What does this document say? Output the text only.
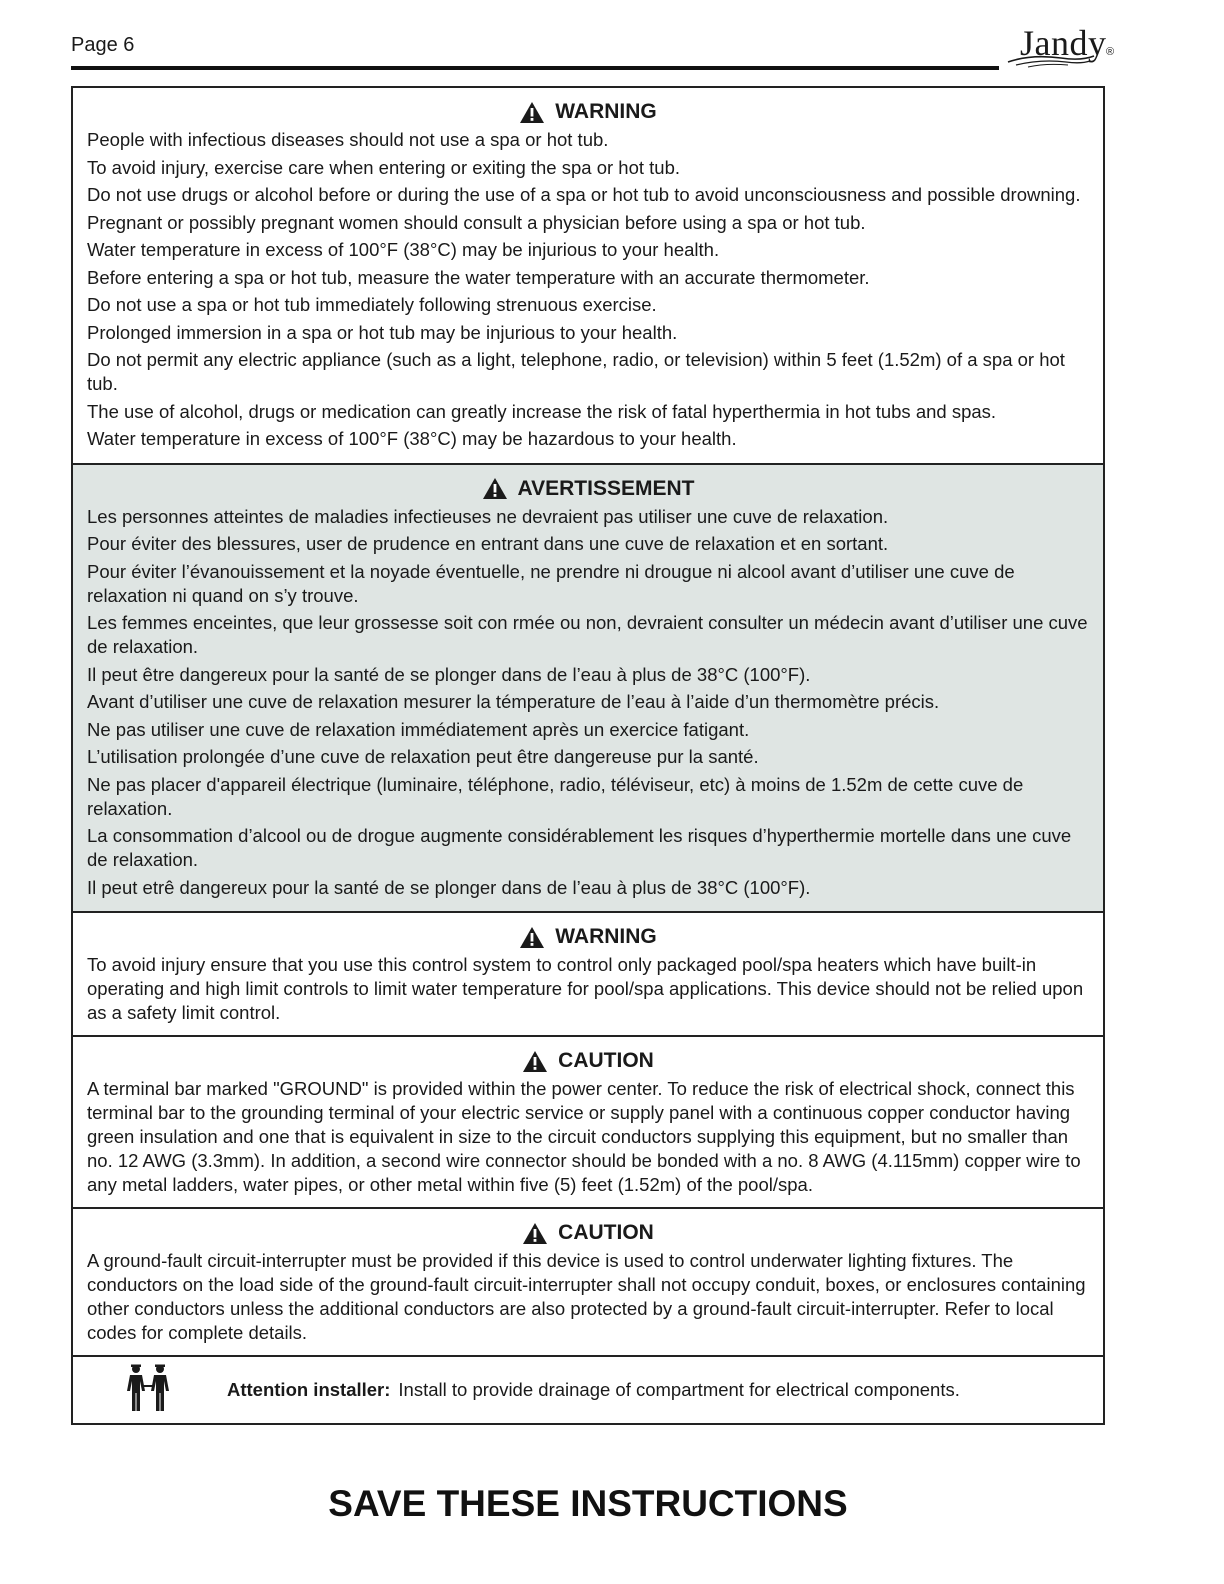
Page 6	Jandy ®
WARNING

People with infectious diseases should not use a spa or hot tub.

To avoid injury, exercise care when entering or exiting the spa or hot tub.

Do not use drugs or alcohol before or during the use of a spa or hot tub to avoid unconsciousness and possible drowning.

Pregnant or possibly pregnant women should consult a physician before using a spa or hot tub.

Water temperature in excess of 100°F (38°C) may be injurious to your health.

Before entering a spa or hot tub, measure the water temperature with an accurate thermometer.

Do not use a spa or hot tub immediately following strenuous exercise.

Prolonged immersion in a spa or hot tub may be injurious to your health.

Do not permit any electric appliance (such as a light, telephone, radio, or television) within 5 feet (1.52m) of a spa or hot tub.

The use of alcohol, drugs or medication can greatly increase the risk of fatal hyperthermia in hot tubs and spas.

Water temperature in excess of 100°F (38°C) may be hazardous to your health.

AVERTISSEMENT

Les personnes atteintes de maladies infectieuses ne devraient pas utiliser une cuve de relaxation.

Pour éviter des blessures, user de prudence en entrant dans une cuve de relaxation et en sortant.

Pour éviter l’évanouissement et la noyade éventuelle, ne prendre ni drougue ni alcool avant d’utiliser une cuve de relaxation ni quand on s’y trouve.

Les femmes enceintes, que leur grossesse soit con rmée ou non, devraient consulter un médecin avant d’utiliser une cuve de relaxation.

Il peut être dangereux pour la santé de se plonger dans de l’eau à plus de 38°C (100°F).

Avant d’utiliser une cuve de relaxation mesurer la témperature de l’eau à l’aide d’un thermomètre précis.

Ne pas utiliser une cuve de relaxation immédiatement après un exercice fatigant.

L’utilisation prolongée d’une cuve de relaxation peut être dangereuse pur la santé.

Ne pas placer d'appareil électrique (luminaire, téléphone, radio, téléviseur, etc) à moins de 1.52m de cette cuve de relaxation.

La consommation d’alcool ou de drogue augmente considérablement les risques d’hyperthermie mortelle dans une cuve de relaxation.

Il peut etrê dangereux pour la santé de se plonger dans de l’eau à plus de 38°C (100°F).

WARNING

To avoid injury ensure that you use this control system to control only packaged pool/spa heaters which have built-in operating and high limit controls to limit water temperature for pool/spa applications. This device should not be relied upon as a safety limit control.

CAUTION

A terminal bar marked "GROUND" is provided within the power center. To reduce the risk of electrical shock, connect this terminal bar to the grounding terminal of your electric service or supply panel with a continuous copper conductor having green insulation and one that is equivalent in size to the circuit conductors supplying this equipment, but no smaller than no. 12 AWG (3.3mm). In addition, a second wire connector should be bonded with a no. 8 AWG (4.115mm) copper wire to any metal ladders, water pipes, or other metal within five (5) feet (1.52m) of the pool/spa.

CAUTION

A ground-fault circuit-interrupter must be provided if this device is used to control underwater lighting fixtures. The conductors on the load side of the ground-fault circuit-interrupter shall not occupy conduit, boxes, or enclosures containing other conductors unless the additional conductors are also protected by a ground-fault circuit-interrupter. Refer to local codes for complete details.

Attention installer: Install to provide drainage of compartment for electrical components.
SAVE THESE INSTRUCTIONS
